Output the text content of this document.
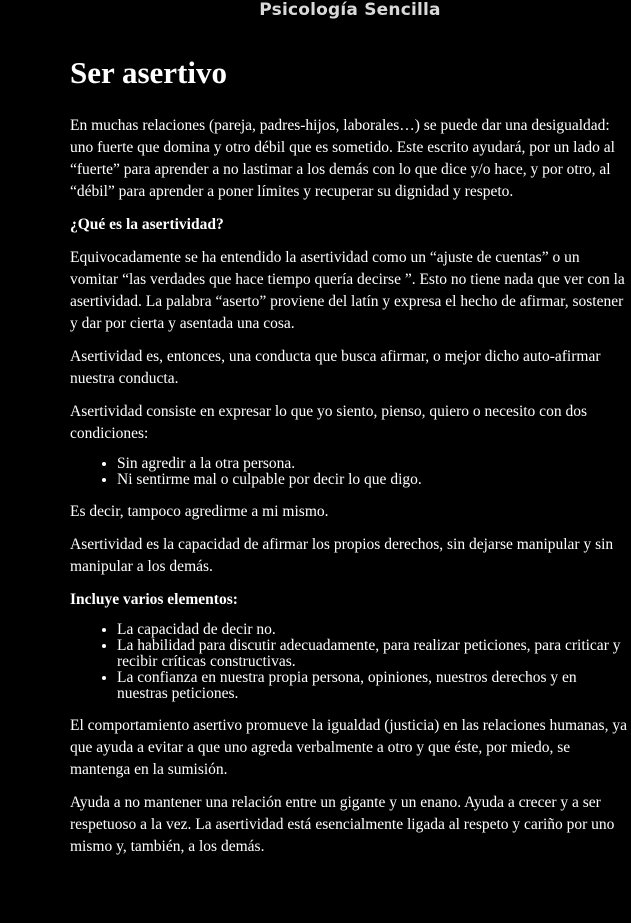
Psicología Sencilla
Ser asertivo

En muchas relaciones (pareja, padres-hijos, laborales…) se puede dar una desigualdad: uno fuerte que domina y otro débil que es sometido. Este escrito ayudará, por un lado al “fuerte” para aprender a no lastimar a los demás con lo que dice y/o hace, y por otro, al “débil” para aprender a poner límites y recuperar su dignidad y respeto.

¿Qué es la asertividad?

Equivocadamente se ha entendido la asertividad como un “ajuste de cuentas” o un vomitar “las verdades que hace tiempo quería decirse ”. Esto no tiene nada que ver con la asertividad. La palabra “aserto” proviene del latín y expresa el hecho de afirmar, sostener y dar por cierta y asentada una cosa.

Asertividad es, entonces, una conducta que busca afirmar, o mejor dicho auto-afirmar nuestra conducta.

Asertividad consiste en expresar lo que yo siento, pienso, quiero o necesito con dos condiciones:

• Sin agredir a la otra persona.
• Ni sentirme mal o culpable por decir lo que digo.

Es decir, tampoco agredirme a mi mismo.

Asertividad es la capacidad de afirmar los propios derechos, sin dejarse manipular y sin manipular a los demás.

Incluye varios elementos:
• La capacidad de decir no.
• La habilidad para discutir adecuadamente, para realizar peticiones, para criticar y recibir críticas constructivas.
• La confianza en nuestra propia persona, opiniones, nuestros derechos y en nuestras peticiones.

El comportamiento asertivo promueve la igualdad (justicia) en las relaciones humanas, ya que ayuda a evitar a que uno agreda verbalmente a otro y que éste, por miedo, se mantenga en la sumisión.

Ayuda a no mantener una relación entre un gigante y un enano. Ayuda a crecer y a ser respetuoso a la vez. La asertividad está esencialmente ligada al respeto y cariño por uno mismo y, también, a los demás.
